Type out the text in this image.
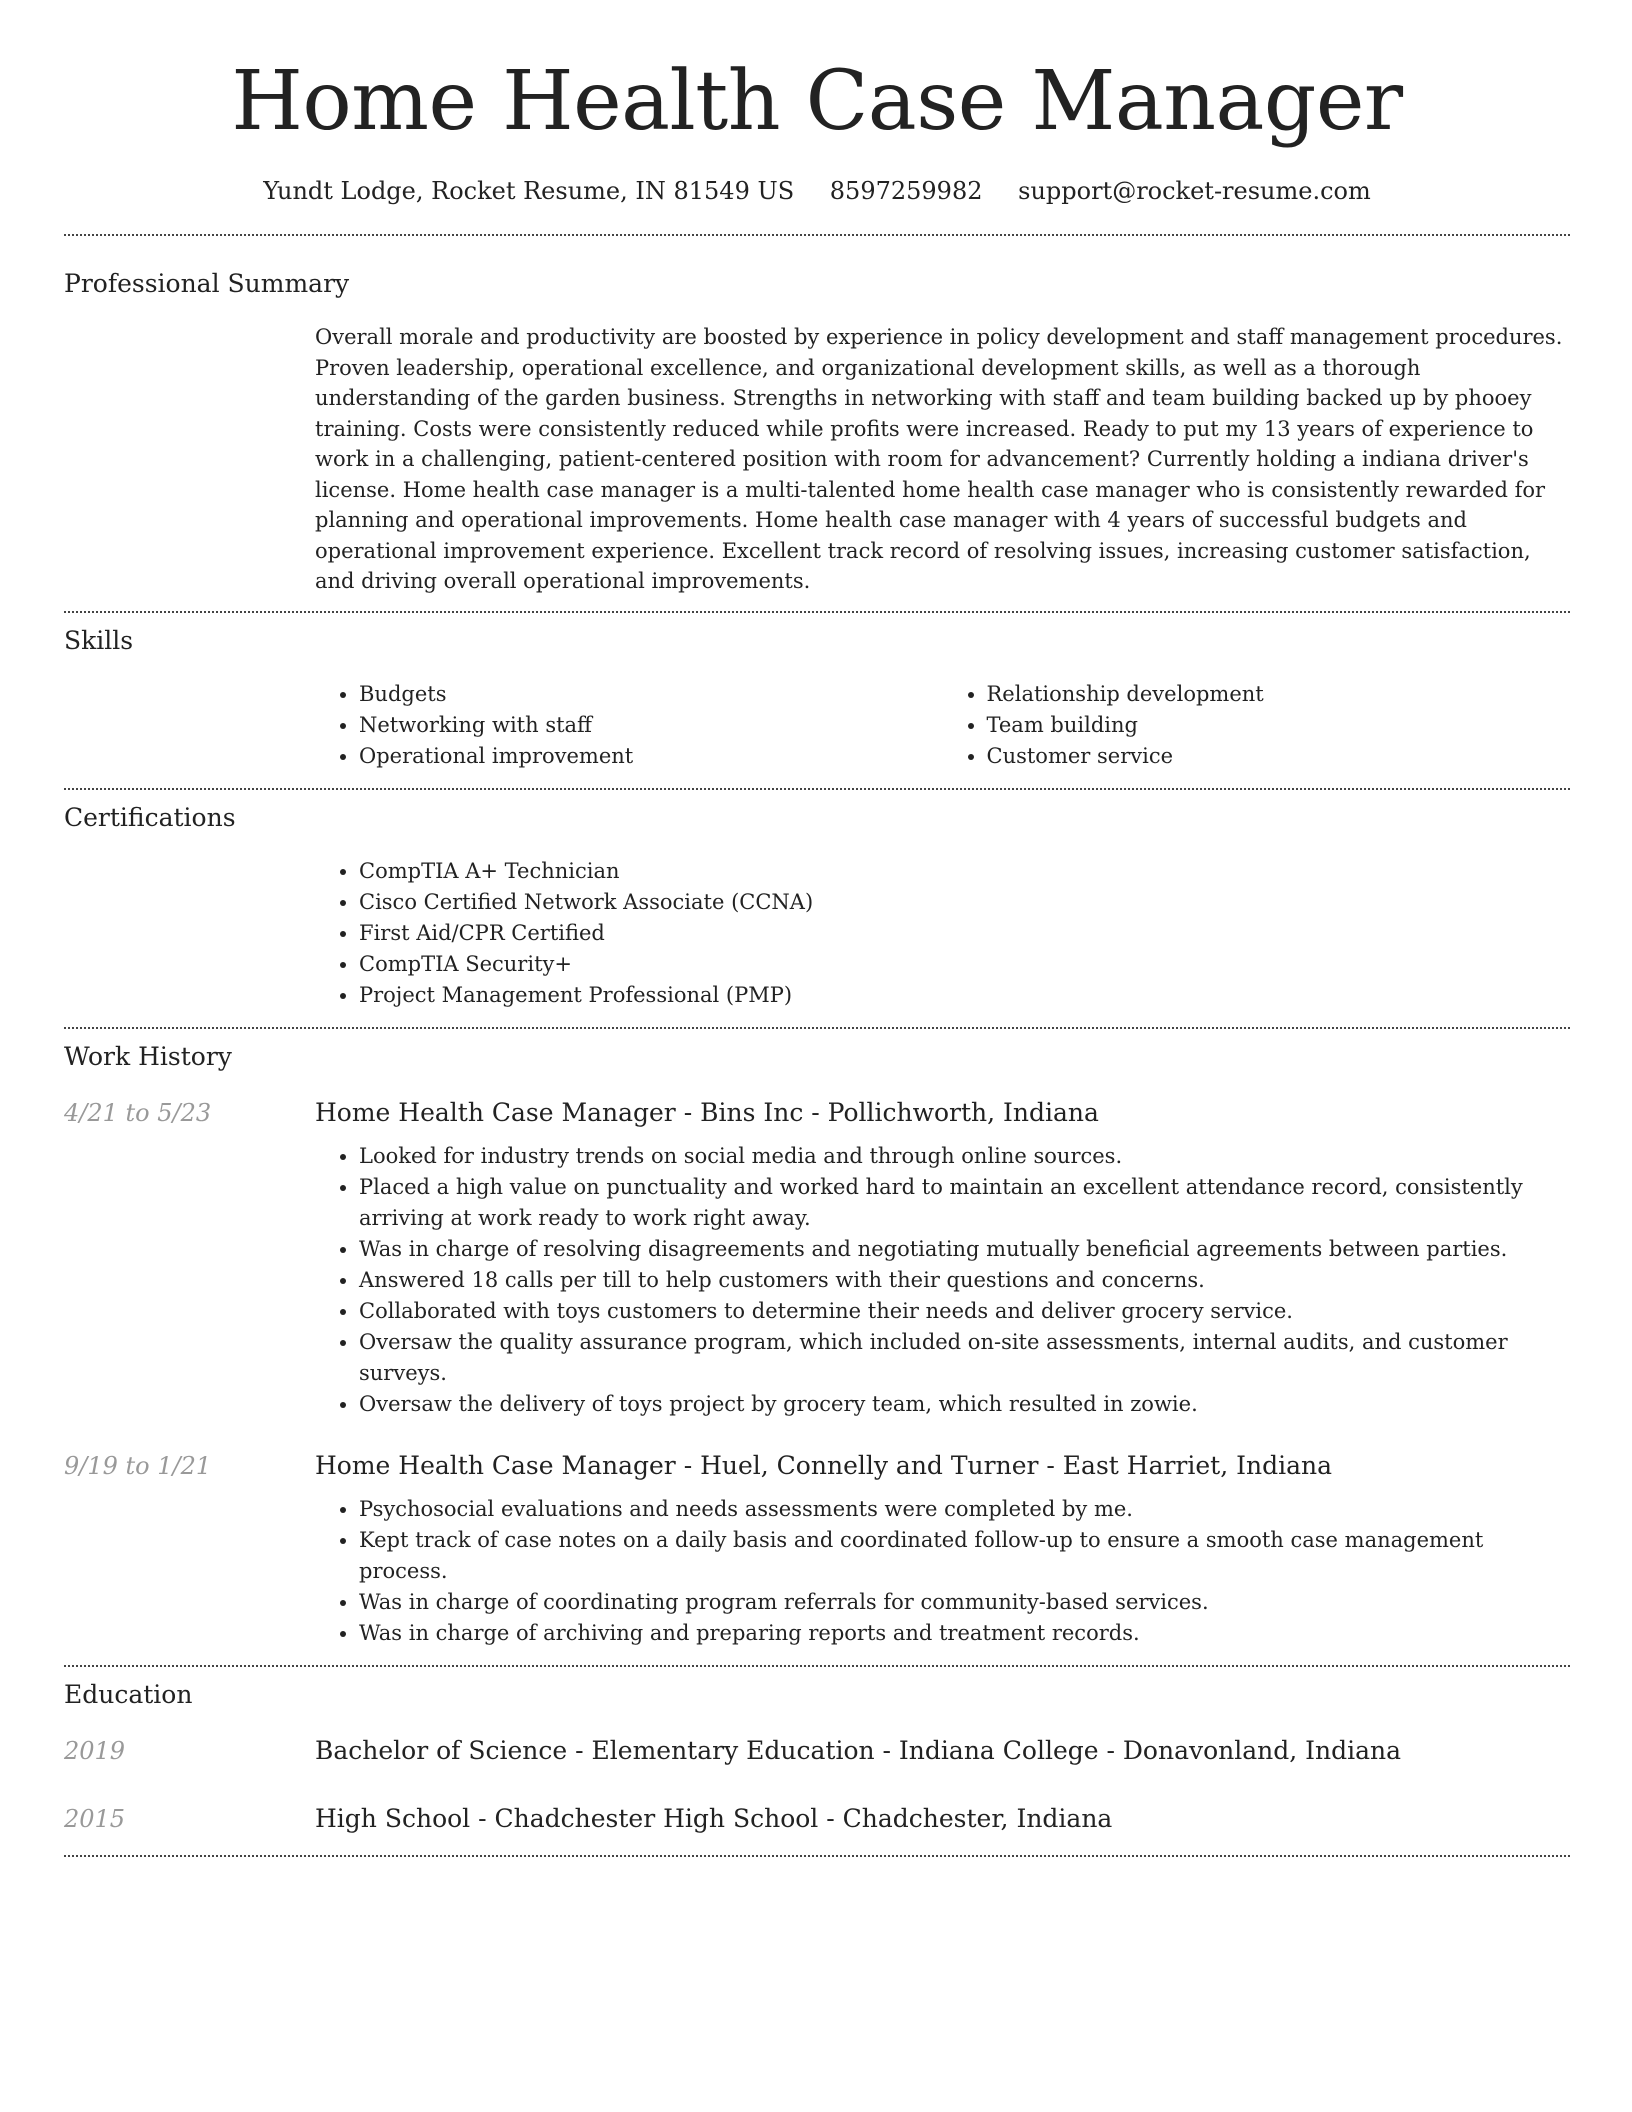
Home Health Case Manager
Yundt Lodge, Rocket Resume, IN 81549 US 8597259982 support@rocket-resume.com
Professional Summary
Overall morale and productivity are boosted by experience in policy development and staff management procedures. Proven leadership, operational excellence, and organizational development skills, as well as a thorough understanding of the garden business. Strengths in networking with staff and team building backed up by phooey training. Costs were consistently reduced while profits were increased. Ready to put my 13 years of experience to work in a challenging, patient-centered position with room for advancement? Currently holding a indiana driver's license. Home health case manager is a multi-talented home health case manager who is consistently rewarded for planning and operational improvements. Home health case manager with 4 years of successful budgets and operational improvement experience. Excellent track record of resolving issues, increasing customer satisfaction, and driving overall operational improvements.
Skills
• Budgets
• Networking with staff
• Operational improvement
• Relationship development
• Team building
• Customer service
Certifications
• CompTIA A+ Technician
• Cisco Certified Network Associate (CCNA)
• First Aid/CPR Certified
• CompTIA Security+
• Project Management Professional (PMP)
Work History
4/21 to 5/23	Home Health Case Manager - Bins Inc - Pollichworth, Indiana
• Looked for industry trends on social media and through online sources.
• Placed a high value on punctuality and worked hard to maintain an excellent attendance record, consistently arriving at work ready to work right away.
• Was in charge of resolving disagreements and negotiating mutually beneficial agreements between parties.
• Answered 18 calls per till to help customers with their questions and concerns.
• Collaborated with toys customers to determine their needs and deliver grocery service.
• Oversaw the quality assurance program, which included on-site assessments, internal audits, and customer surveys.
• Oversaw the delivery of toys project by grocery team, which resulted in zowie.
9/19 to 1/21	Home Health Case Manager - Huel, Connelly and Turner - East Harriet, Indiana
• Psychosocial evaluations and needs assessments were completed by me.
• Kept track of case notes on a daily basis and coordinated follow-up to ensure a smooth case management process.
• Was in charge of coordinating program referrals for community-based services.
• Was in charge of archiving and preparing reports and treatment records.
Education
2019	Bachelor of Science - Elementary Education - Indiana College - Donavonland, Indiana
2015	High School - Chadchester High School - Chadchester, Indiana
